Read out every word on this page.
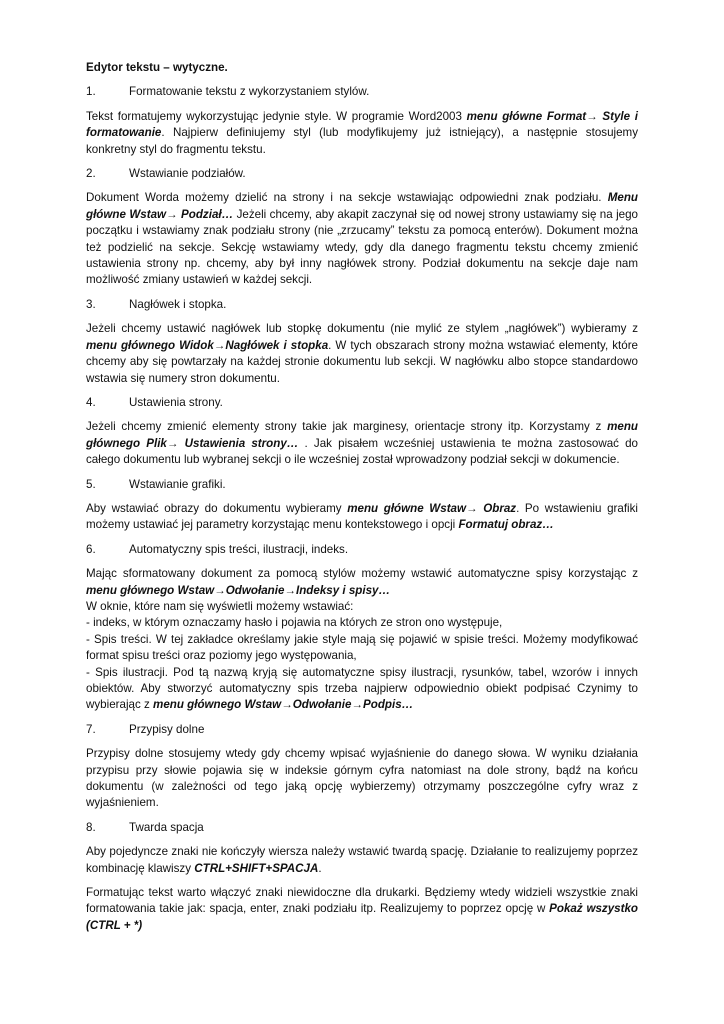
Edytor tekstu – wytyczne.
1.	Formatowanie tekstu z wykorzystaniem stylów.

Tekst formatujemy wykorzystując jedynie style. W programie Word2003 menu główne Format→ Style i formatowanie. Najpierw definiujemy styl (lub modyfikujemy już istniejący), a następnie stosujemy konkretny styl do fragmentu tekstu.

2.	Wstawianie podziałów.

Dokument Worda możemy dzielić na strony i na sekcje wstawiając odpowiedni znak podziału. Menu główne Wstaw→ Podział… Jeżeli chcemy, aby akapit zaczynał się od nowej strony ustawiamy się na jego początku i wstawiamy znak podziału strony (nie „zrzucamy” tekstu za pomocą enterów). Dokument można też podzielić na sekcje. Sekcję wstawiamy wtedy, gdy dla danego fragmentu tekstu chcemy zmienić ustawienia strony np. chcemy, aby był inny nagłówek strony. Podział dokumentu na sekcje daje nam możliwość zmiany ustawień w każdej sekcji.

3.	Nagłówek i stopka.

Jeżeli chcemy ustawić nagłówek lub stopkę dokumentu (nie mylić ze stylem „nagłówek”) wybieramy z menu głównego Widok→Nagłówek i stopka. W tych obszarach strony można wstawiać elementy, które chcemy aby się powtarzały na każdej stronie dokumentu lub sekcji. W nagłówku albo stopce standardowo wstawia się numery stron dokumentu.

4.	Ustawienia strony.

Jeżeli chcemy zmienić elementy strony takie jak marginesy, orientacje strony itp. Korzystamy z menu głównego Plik→ Ustawienia strony… . Jak pisałem wcześniej ustawienia te można zastosować do całego dokumentu lub wybranej sekcji o ile wcześniej został wprowadzony podział sekcji w dokumencie.

5.	Wstawianie grafiki.

Aby wstawiać obrazy do dokumentu wybieramy menu główne Wstaw→ Obraz. Po wstawieniu grafiki możemy ustawiać jej parametry korzystając menu kontekstowego i opcji Formatuj obraz…

6.	Automatyczny spis treści, ilustracji, indeks.

Mając sformatowany dokument za pomocą stylów możemy wstawić automatyczne spisy korzystając z menu głównego Wstaw→Odwołanie→Indeksy i spisy…
W oknie, które nam się wyświetli możemy wstawiać:
- indeks, w którym oznaczamy hasło i pojawia na których ze stron ono występuje,
- Spis treści. W tej zakładce określamy jakie style mają się pojawić w spisie treści. Możemy modyfikować format spisu treści oraz poziomy jego występowania,
- Spis ilustracji. Pod tą nazwą kryją się automatyczne spisy ilustracji, rysunków, tabel, wzorów i innych obiektów. Aby stworzyć automatyczny spis trzeba najpierw odpowiednio obiekt podpisać Czynimy to wybierając z menu głównego Wstaw→Odwołanie→Podpis…

7.	Przypisy dolne

Przypisy dolne stosujemy wtedy gdy chcemy wpisać wyjaśnienie do danego słowa. W wyniku działania przypisu przy słowie pojawia się w indeksie górnym cyfra natomiast na dole strony, bądź na końcu dokumentu (w zależności od tego jaką opcję wybierzemy) otrzymamy poszczególne cyfry wraz z wyjaśnieniem.

8.	Twarda spacja

Aby pojedyncze znaki nie kończyły wiersza należy wstawić twardą spację. Działanie to realizujemy poprzez kombinację klawiszy CTRL+SHIFT+SPACJA.

Formatując tekst warto włączyć znaki niewidoczne dla drukarki. Będziemy wtedy widzieli wszystkie znaki formatowania takie jak: spacja, enter, znaki podziału itp. Realizujemy to poprzez opcję w Pokaż wszystko (CTRL + *)
